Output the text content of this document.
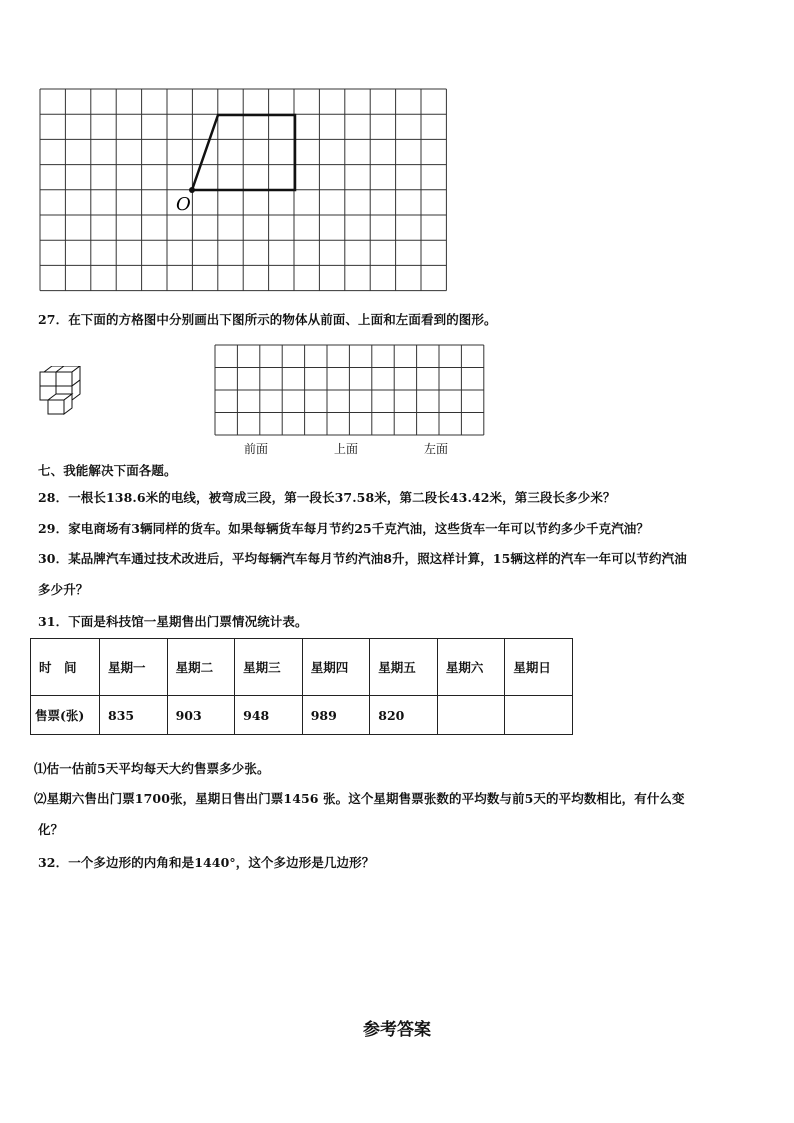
O
27．在下面的方格图中分别画出下图所示的物体从前面、上面和左面看到的图形。
前面	上面	左面
七、我能解决下面各题。
28．一根长138.6米的电线，被弯成三段，第一段长37.58米，第二段长43.42米，第三段长多少米？
29．家电商场有3辆同样的货车。如果每辆货车每月节约25千克汽油，这些货车一年可以节约多少千克汽油？
30．某品牌汽车通过技术改进后，平均每辆汽车每月节约汽油8升，照这样计算，15辆这样的汽车一年可以节约汽油
多少升？
31．下面是科技馆一星期售出门票情况统计表。
时　间	星期一	星期二	星期三	星期四	星期五	星期六	星期日
售票(张)	835	903	948	989	820		
⑴估一估前5天平均每天大约售票多少张。
⑵星期六售出门票1700张，星期日售出门票1456 张。这个星期售票张数的平均数与前5天的平均数相比，有什么变
化？
32．一个多边形的内角和是1440°，这个多边形是几边形？
参考答案
